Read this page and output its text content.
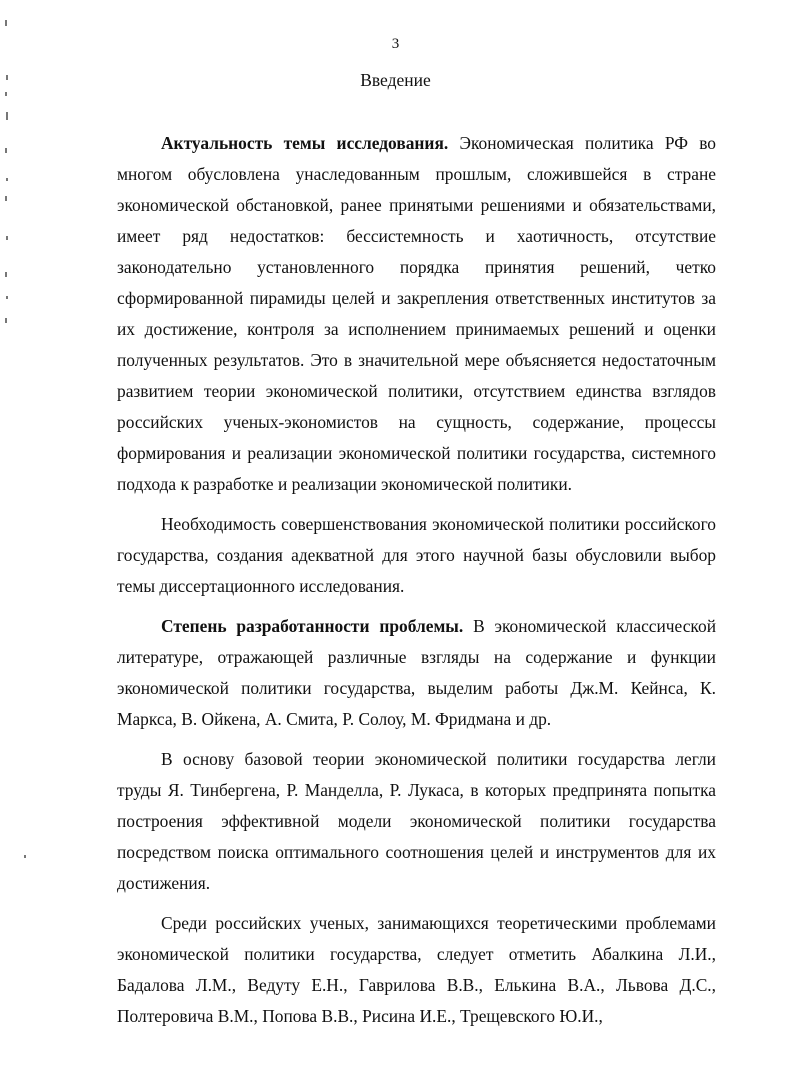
3
Введение

Актуальность темы исследования. Экономическая политика РФ во многом обусловлена унаследованным прошлым, сложившейся в стране экономической обстановкой, ранее принятыми решениями и обязательствами, имеет ряд недостатков: бессистемность и хаотичность, отсутствие законодательно установленного порядка принятия решений, четко сформированной пирамиды целей и закрепления ответственных институтов за их достижение, контроля за исполнением принимаемых решений и оценки полученных результатов. Это в значительной мере объясняется недостаточным развитием теории экономической политики, отсутствием единства взглядов российских ученых-экономистов на сущность, содержание, процессы формирования и реализации экономической политики государства, системного подхода к разработке и реализации экономической политики.

Необходимость совершенствования экономической политики российского государства, создания адекватной для этого научной базы обусловили выбор темы диссертационного исследования.

Степень разработанности проблемы. В экономической классической литературе, отражающей различные взгляды на содержание и функции экономической политики государства, выделим работы Дж.М. Кейнса, К. Маркса, В. Ойкена, А. Смита, Р. Солоу, М. Фридмана и др.

В основу базовой теории экономической политики государства легли труды Я. Тинбергена, Р. Манделла, Р. Лукаса, в которых предпринята попытка построения эффективной модели экономической политики государства посредством поиска оптимального соотношения целей и инструментов для их достижения.

Среди российских ученых, занимающихся теоретическими проблемами экономической политики государства, следует отметить Абалкина Л.И., Бадалова Л.М., Ведуту Е.Н., Гаврилова В.В., Елькина В.А., Львова Д.С., Полтеровича В.М., Попова В.В., Рисина И.Е., Трещевского Ю.И.,
